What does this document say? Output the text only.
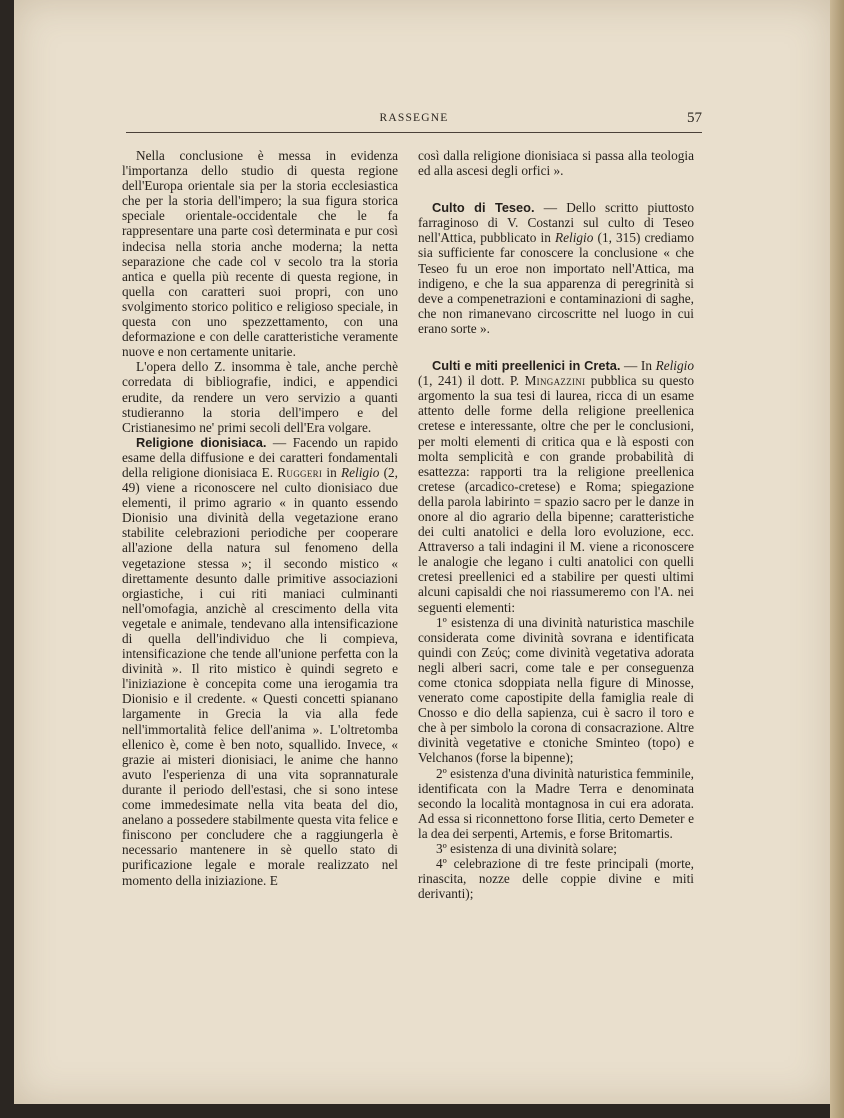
RASSEGNE	57

Nella conclusione è messa in evidenza l'importanza dello studio di questa regione dell'Europa orientale sia per la storia ecclesiastica che per la storia dell'impero; la sua figura storica speciale orientale-occidentale che le fa rappresentare una parte così determinata e pur così indecisa nella storia anche moderna; la netta separazione che cade col v secolo tra la storia antica e quella più recente di questa regione, in quella con caratteri suoi propri, con uno svolgimento storico politico e religioso speciale, in questa con uno spezzettamento, con una deformazione e con delle caratteristiche veramente nuove e non certamente unitarie.

L'opera dello Z. insomma è tale, anche perchè corredata di bibliografie, indici, e appendici erudite, da rendere un vero servizio a quanti studieranno la storia dell'impero e del Cristianesimo ne' primi secoli dell'Era volgare.

Religione dionisiaca. — Facendo un rapido esame della diffusione e dei caratteri fondamentali della religione dionisiaca E. Ruggeri in Religio (2, 49) viene a riconoscere nel culto dionisiaco due elementi, il primo agrario « in quanto essendo Dionisio una divinità della vegetazione erano stabilite celebrazioni periodiche per cooperare all'azione della natura sul fenomeno della vegetazione stessa »; il secondo mistico « direttamente desunto dalle primitive associazioni orgiastiche, i cui riti maniaci culminanti nell'omofagia, anzichè al crescimento della vita vegetale e animale, tendevano alla intensificazione di quella dell'individuo che li compieva, intensificazione che tende all'unione perfetta con la divinità ». Il rito mistico è quindi segreto e l'iniziazione è concepita come una ierogamia tra Dionisio e il credente. « Questi concetti spianano largamente in Grecia la via alla fede nell'immortalità felice dell'anima ». L'oltretomba ellenico è, come è ben noto, squallido. Invece, « grazie ai misteri dionisiaci, le anime che hanno avuto l'esperienza di una vita soprannaturale durante il periodo dell'estasi, che si sono intese come immedesimate nella vita beata del dio, anelano a possedere stabilmente questa vita felice e finiscono per concludere che a raggiungerla è necessario mantenere in sè quello stato di purificazione legale e morale realizzato nel momento della iniziazione. E

così dalla religione dionisiaca si passa alla teologia ed alla ascesi degli orfici ».

Culto di Teseo. — Dello scritto piuttosto farraginoso di V. Costanzi sul culto di Teseo nell'Attica, pubblicato in Religio (1, 315) crediamo sia sufficiente far conoscere la conclusione « che Teseo fu un eroe non importato nell'Attica, ma indigeno, e che la sua apparenza di peregrinità si deve a compenetrazioni e contaminazioni di saghe, che non rimanevano circoscritte nel luogo in cui erano sorte ».

Culti e miti preellenici in Creta. — In Religio (1, 241) il dott. P. Mingazzini pubblica su questo argomento la sua tesi di laurea, ricca di un esame attento delle forme della religione preellenica cretese e interessante, oltre che per le conclusioni, per molti elementi di critica qua e là esposti con molta semplicità e con grande probabilità di esattezza: rapporti tra la religione preellenica cretese (arcadico-cretese) e Roma; spiegazione della parola labirinto = spazio sacro per le danze in onore al dio agrario della bipenne; caratteristiche dei culti anatolici e della loro evoluzione, ecc. Attraverso a tali indagini il M. viene a riconoscere le analogie che legano i culti anatolici con quelli cretesi preellenici ed a stabilire per questi ultimi alcuni capisaldi che noi riassumeremo con l'A. nei seguenti elementi:

1º esistenza di una divinità naturistica maschile considerata come divinità sovrana e identificata quindi con Ζεύς; come divinità vegetativa adorata negli alberi sacri, come tale e per conseguenza come ctonica sdoppiata nella figure di Minosse, venerato come capostipite della famiglia reale di Cnosso e dio della sapienza, cui è sacro il toro e che à per simbolo la corona di consacrazione. Altre divinità vegetative e ctoniche Sminteo (topo) e Velchanos (forse la bipenne);

2º esistenza d'una divinità naturistica femminile, identificata con la Madre Terra e denominata secondo la località montagnosa in cui era adorata. Ad essa si riconnettono forse Ilitia, certo Demeter e la dea dei serpenti, Artemis, e forse Britomartis.

3º esistenza di una divinità solare;

4º celebrazione di tre feste principali (morte, rinascita, nozze delle coppie divine e miti derivanti);
